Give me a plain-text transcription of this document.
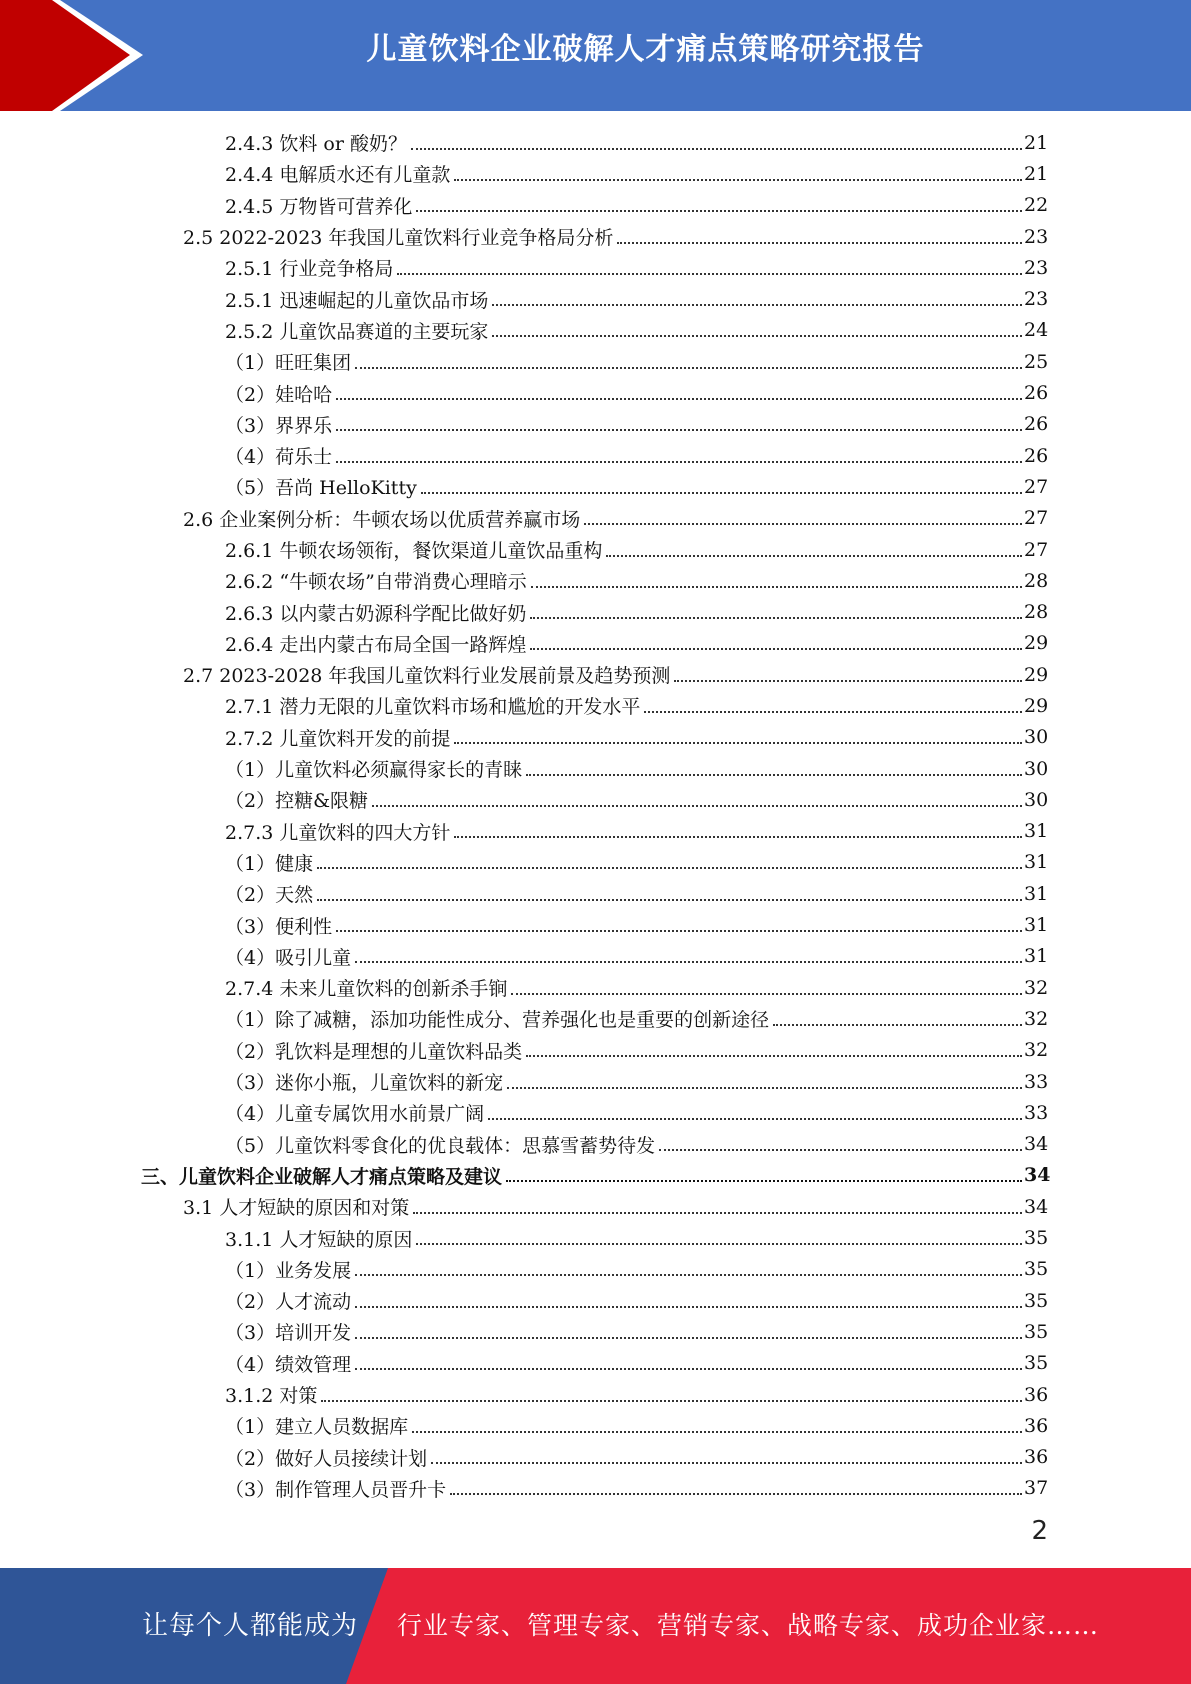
儿童饮料企业破解人才痛点策略研究报告
2.4.3 饮料 or 酸奶？	21
2.4.4 电解质水还有儿童款	21
2.4.5 万物皆可营养化	22
2.5 2022-2023 年我国儿童饮料行业竞争格局分析	23
2.5.1 行业竞争格局	23
2.5.1 迅速崛起的儿童饮品市场	23
2.5.2 儿童饮品赛道的主要玩家	24
（1）旺旺集团	25
（2）娃哈哈	26
（3）界界乐	26
（4）荷乐士	26
（5）吾尚 HelloKitty	27
2.6 企业案例分析：牛顿农场以优质营养赢市场	27
2.6.1 牛顿农场领衔，餐饮渠道儿童饮品重构	27
2.6.2 “牛顿农场”自带消费心理暗示	28
2.6.3 以内蒙古奶源科学配比做好奶	28
2.6.4 走出内蒙古布局全国一路辉煌	29
2.7 2023-2028 年我国儿童饮料行业发展前景及趋势预测	29
2.7.1 潜力无限的儿童饮料市场和尴尬的开发水平	29
2.7.2 儿童饮料开发的前提	30
（1）儿童饮料必须赢得家长的青睐	30
（2）控糖&限糖	30
2.7.3 儿童饮料的四大方针	31
（1）健康	31
（2）天然	31
（3）便利性	31
（4）吸引儿童	31
2.7.4 未来儿童饮料的创新杀手锏	32
（1）除了减糖，添加功能性成分、营养强化也是重要的创新途径	32
（2）乳饮料是理想的儿童饮料品类	32
（3）迷你小瓶，儿童饮料的新宠	33
（4）儿童专属饮用水前景广阔	33
（5）儿童饮料零食化的优良载体：思慕雪蓄势待发	34
三、儿童饮料企业破解人才痛点策略及建议	34
3.1 人才短缺的原因和对策	34
3.1.1 人才短缺的原因	35
（1）业务发展	35
（2）人才流动	35
（3）培训开发	35
（4）绩效管理	35
3.1.2 对策	36
（1）建立人员数据库	36
（2）做好人员接续计划	36
（3）制作管理人员晋升卡	37
2
让每个人都能成为 行业专家、管理专家、营销专家、战略专家、成功企业家……
